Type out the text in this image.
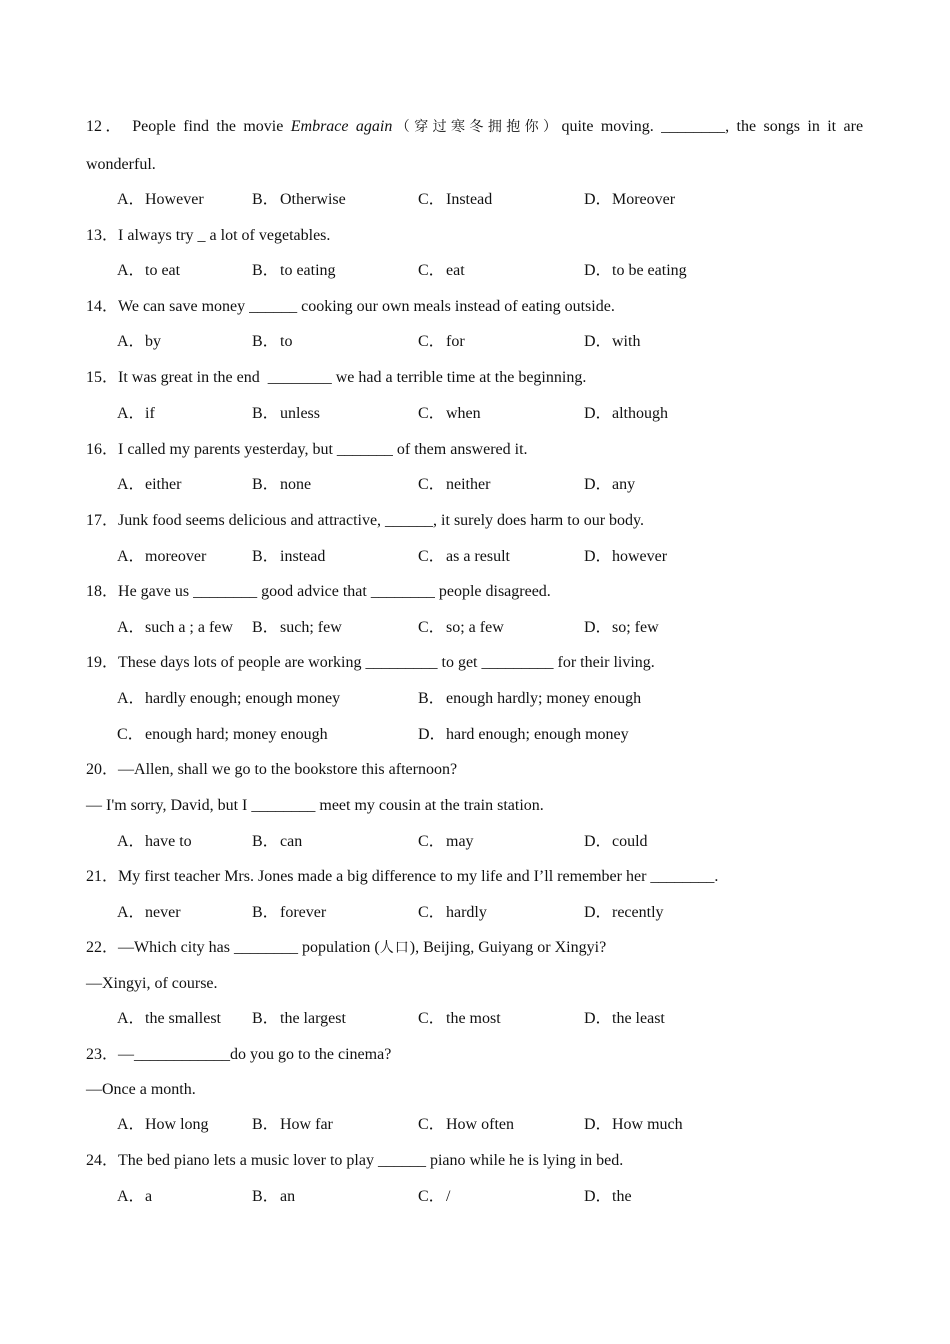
12． People find the movie Embrace again（穿过寒冬拥抱你）quite moving. ________, the songs in it are
wonderful.
A．However	B．Otherwise	C．Instead	D．Moreover
13．I always try _ a lot of vegetables.
A．to eat	B．to eating	C．eat	D．to be eating
14．We can save money ______ cooking our own meals instead of eating outside.
A．by	B．to	C．for	D．with
15．It was great in the end  ________ we had a terrible time at the beginning.
A．if	B．unless	C．when	D．although
16．I called my parents yesterday, but _______ of them answered it.
A．either	B．none	C．neither	D．any
17．Junk food seems delicious and attractive, ______, it surely does harm to our body.
A．moreover	B．instead	C．as a result	D．however
18．He gave us ________ good advice that ________ people disagreed.
A．such a ; a few B．such; few	C．so; a few	D．so; few
19．These days lots of people are working _________ to get _________ for their living.
A．hardly enough; enough money	B．enough hardly; money enough
C．enough hard; money enough	D．hard enough; enough money
20．—Allen, shall we go to the bookstore this afternoon?
— I'm sorry, David, but I ________ meet my cousin at the train station.
A．have to	B．can	C．may	D．could
21．My first teacher Mrs. Jones made a big difference to my life and I’ll remember her ________.
A．never	B．forever	C．hardly	D．recently
22．—Which city has ________ population (人口), Beijing, Guiyang or Xingyi?
—Xingyi, of course.
A．the smallest B．the largest	C．the most	D．the least
23．—____________do you go to the cinema?
—Once a month.
A．How long	B．How far	C．How often	D．How much
24．The bed piano lets a music lover to play ______ piano while he is lying in bed.
A．a	B．an	C．/	D．the
